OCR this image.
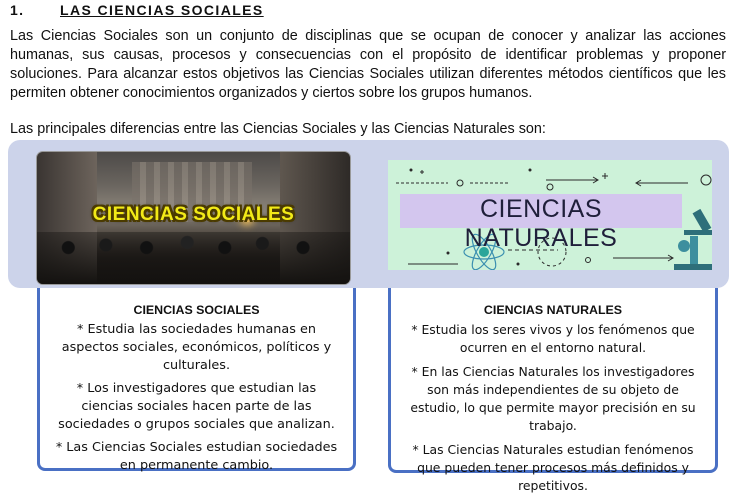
1.	LAS CIENCIAS SOCIALES
Las Ciencias Sociales son un conjunto de disciplinas que se ocupan de conocer y analizar las acciones humanas, sus causas, procesos y consecuencias con el propósito de identificar problemas y proponer soluciones. Para alcanzar estos objetivos las Ciencias Sociales utilizan diferentes métodos científicos que les permiten obtener conocimientos organizados y ciertos sobre los grupos humanos.
Las principales diferencias entre las Ciencias Sociales y las Ciencias Naturales son:
CIENCIAS SOCIALES	CIENCIAS NATURALES
CIENCIAS SOCIALES
* Estudia las sociedades humanas en aspectos sociales, económicos, políticos y culturales.
* Los investigadores que estudian las ciencias sociales hacen parte de las sociedades o grupos sociales que analizan.
* Las Ciencias Sociales estudian sociedades en permanente cambio.
CIENCIAS NATURALES
* Estudia los seres vivos y los fenómenos que ocurren en el entorno natural.
* En las Ciencias Naturales los investigadores son más independientes de su objeto de estudio, lo que permite mayor precisión en su trabajo.
* Las Ciencias Naturales estudian fenómenos que pueden tener procesos más definidos y repetitivos.
